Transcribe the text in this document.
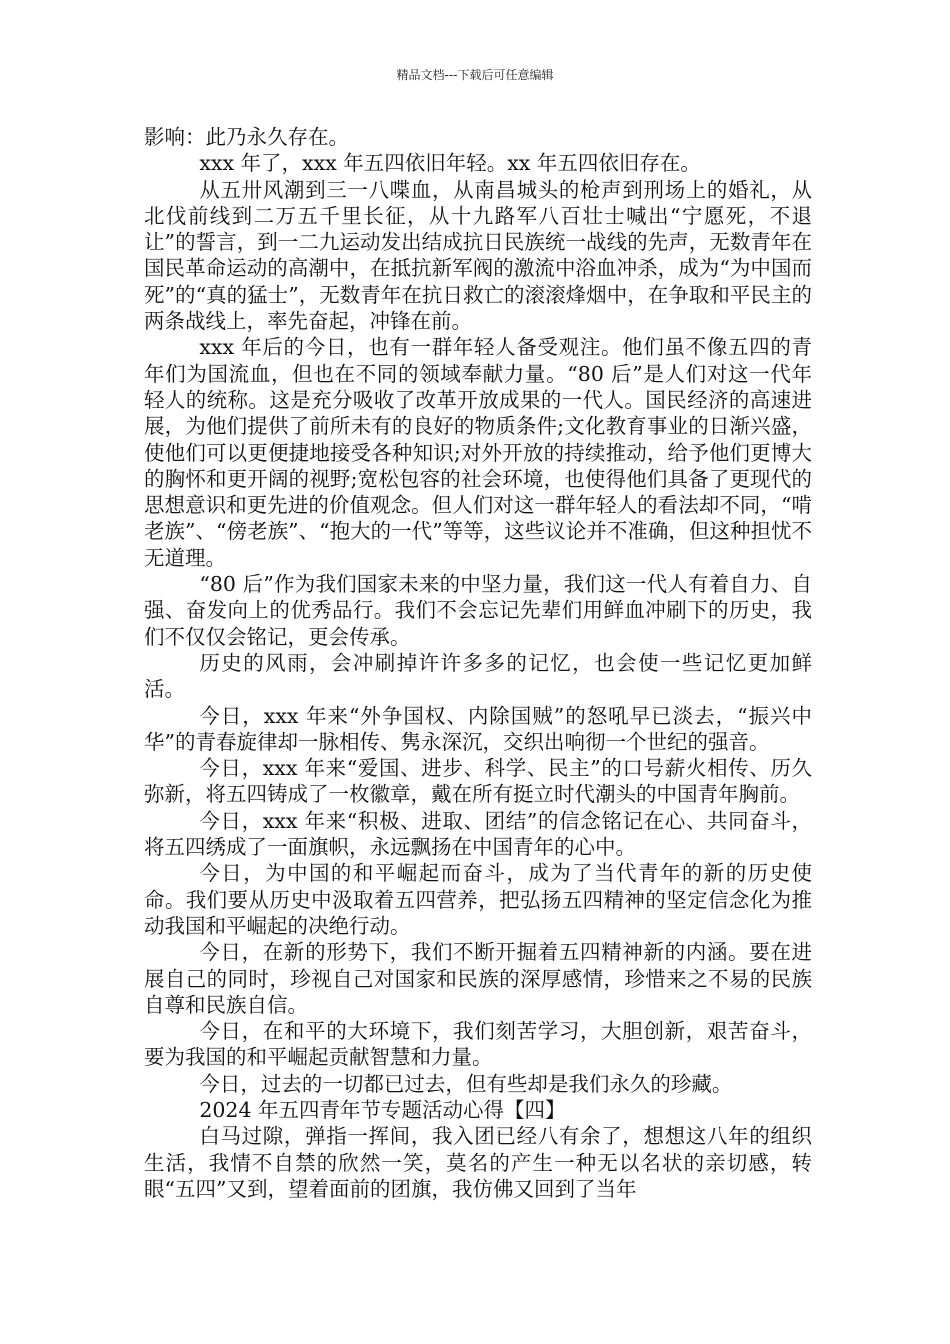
精品文档---下载后可任意编辑

影响：此乃永久存在。

xxx 年了，xxx 年五四依旧年轻。xx 年五四依旧存在。

从五卅风潮到三一八喋血，从南昌城头的枪声到刑场上的婚礼，从北伐前线到二万五千里长征，从十九路军八百壮士喊出“宁愿死，不退让”的誓言，到一二九运动发出结成抗日民族统一战线的先声，无数青年在国民革命运动的高潮中，在抵抗新军阀的激流中浴血冲杀，成为“为中国而死”的“真的猛士”，无数青年在抗日救亡的滚滚烽烟中，在争取和平民主的两条战线上，率先奋起，冲锋在前。

xxx 年后的今日，也有一群年轻人备受观注。他们虽不像五四的青年们为国流血，但也在不同的领域奉献力量。“80 后”是人们对这一代年轻人的统称。这是充分吸收了改革开放成果的一代人。国民经济的高速进展，为他们提供了前所未有的良好的物质条件;文化教育事业的日渐兴盛，使他们可以更便捷地接受各种知识;对外开放的持续推动，给予他们更博大的胸怀和更开阔的视野;宽松包容的社会环境，也使得他们具备了更现代的思想意识和更先进的价值观念。但人们对这一群年轻人的看法却不同，“啃老族”、“傍老族”、“抱大的一代”等等，这些议论并不准确，但这种担忧不无道理。

“80 后”作为我们国家未来的中坚力量，我们这一代人有着自力、自强、奋发向上的优秀品行。我们不会忘记先辈们用鲜血冲刷下的历史，我们不仅仅会铭记，更会传承。

历史的风雨，会冲刷掉许许多多的记忆，也会使一些记忆更加鲜活。

今日，xxx 年来“外争国权、内除国贼”的怒吼早已淡去，“振兴中华”的青春旋律却一脉相传、隽永深沉，交织出响彻一个世纪的强音。

今日，xxx 年来“爱国、进步、科学、民主”的口号薪火相传、历久弥新，将五四铸成了一枚徽章，戴在所有挺立时代潮头的中国青年胸前。

今日，xxx 年来“积极、进取、团结”的信念铭记在心、共同奋斗，将五四绣成了一面旗帜，永远飘扬在中国青年的心中。

今日，为中国的和平崛起而奋斗，成为了当代青年的新的历史使命。我们要从历史中汲取着五四营养，把弘扬五四精神的坚定信念化为推动我国和平崛起的决绝行动。

今日，在新的形势下，我们不断开掘着五四精神新的内涵。要在进展自己的同时，珍视自己对国家和民族的深厚感情，珍惜来之不易的民族自尊和民族自信。

今日，在和平的大环境下，我们刻苦学习，大胆创新，艰苦奋斗，要为我国的和平崛起贡献智慧和力量。

今日，过去的一切都已过去，但有些却是我们永久的珍藏。

2024 年五四青年节专题活动心得【四】

白马过隙，弹指一挥间，我入团已经八有余了，想想这八年的组织生活，我情不自禁的欣然一笑，莫名的产生一种无以名状的亲切感，转眼“五四”又到，望着面前的团旗，我仿佛又回到了当年
